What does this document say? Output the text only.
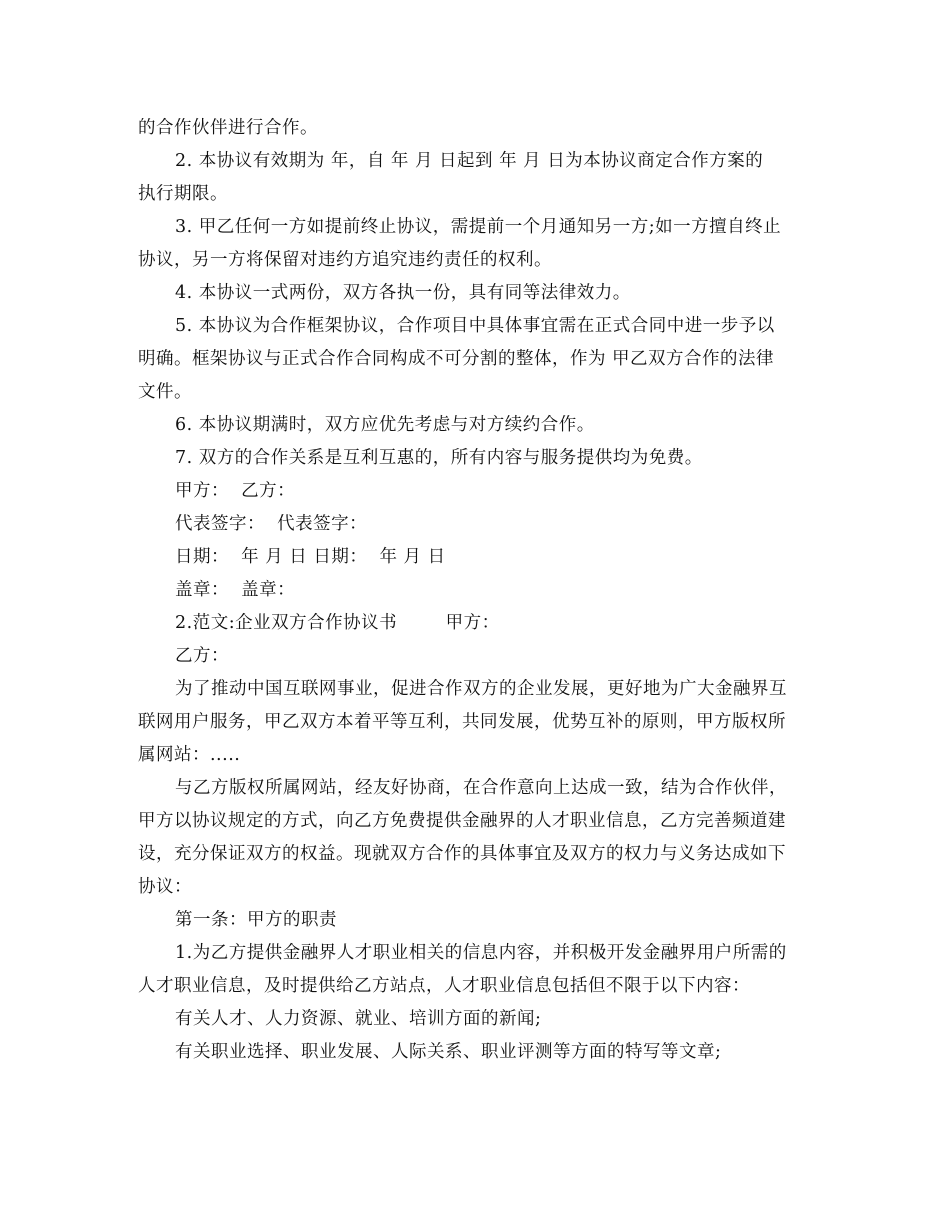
的合作伙伴进行合作。
2. 本协议有效期为 年，自 年 月 日起到 年 月 日为本协议商定合作方案的
执行期限。
3. 甲乙任何一方如提前终止协议，需提前一个月通知另一方;如一方擅自终止
协议，另一方将保留对违约方追究违约责任的权利。
4. 本协议一式两份，双方各执一份，具有同等法律效力。
5. 本协议为合作框架协议，合作项目中具体事宜需在正式合同中进一步予以
明确。框架协议与正式合作合同构成不可分割的整体，作为 甲乙双方合作的法律
文件。
6. 本协议期满时，双方应优先考虑与对方续约合作。
7. 双方的合作关系是互利互惠的，所有内容与服务提供均为免费。
甲方：  乙方：
代表签字：  代表签字：
日期：  年 月 日 日期：  年 月 日
盖章：  盖章：
2.范文:企业双方合作协议书        甲方：
乙方：
为了推动中国互联网事业，促进合作双方的企业发展，更好地为广大金融界互
联网用户服务，甲乙双方本着平等互利，共同发展，优势互补的原则，甲方版权所
属网站：.....
与乙方版权所属网站，经友好协商，在合作意向上达成一致，结为合作伙伴，
甲方以协议规定的方式，向乙方免费提供金融界的人才职业信息，乙方完善频道建
设，充分保证双方的权益。现就双方合作的具体事宜及双方的权力与义务达成如下
协议：
第一条：甲方的职责
1.为乙方提供金融界人才职业相关的信息内容，并积极开发金融界用户所需的
人才职业信息，及时提供给乙方站点，人才职业信息包括但不限于以下内容：
有关人才、人力资源、就业、培训方面的新闻;
有关职业选择、职业发展、人际关系、职业评测等方面的特写等文章;
